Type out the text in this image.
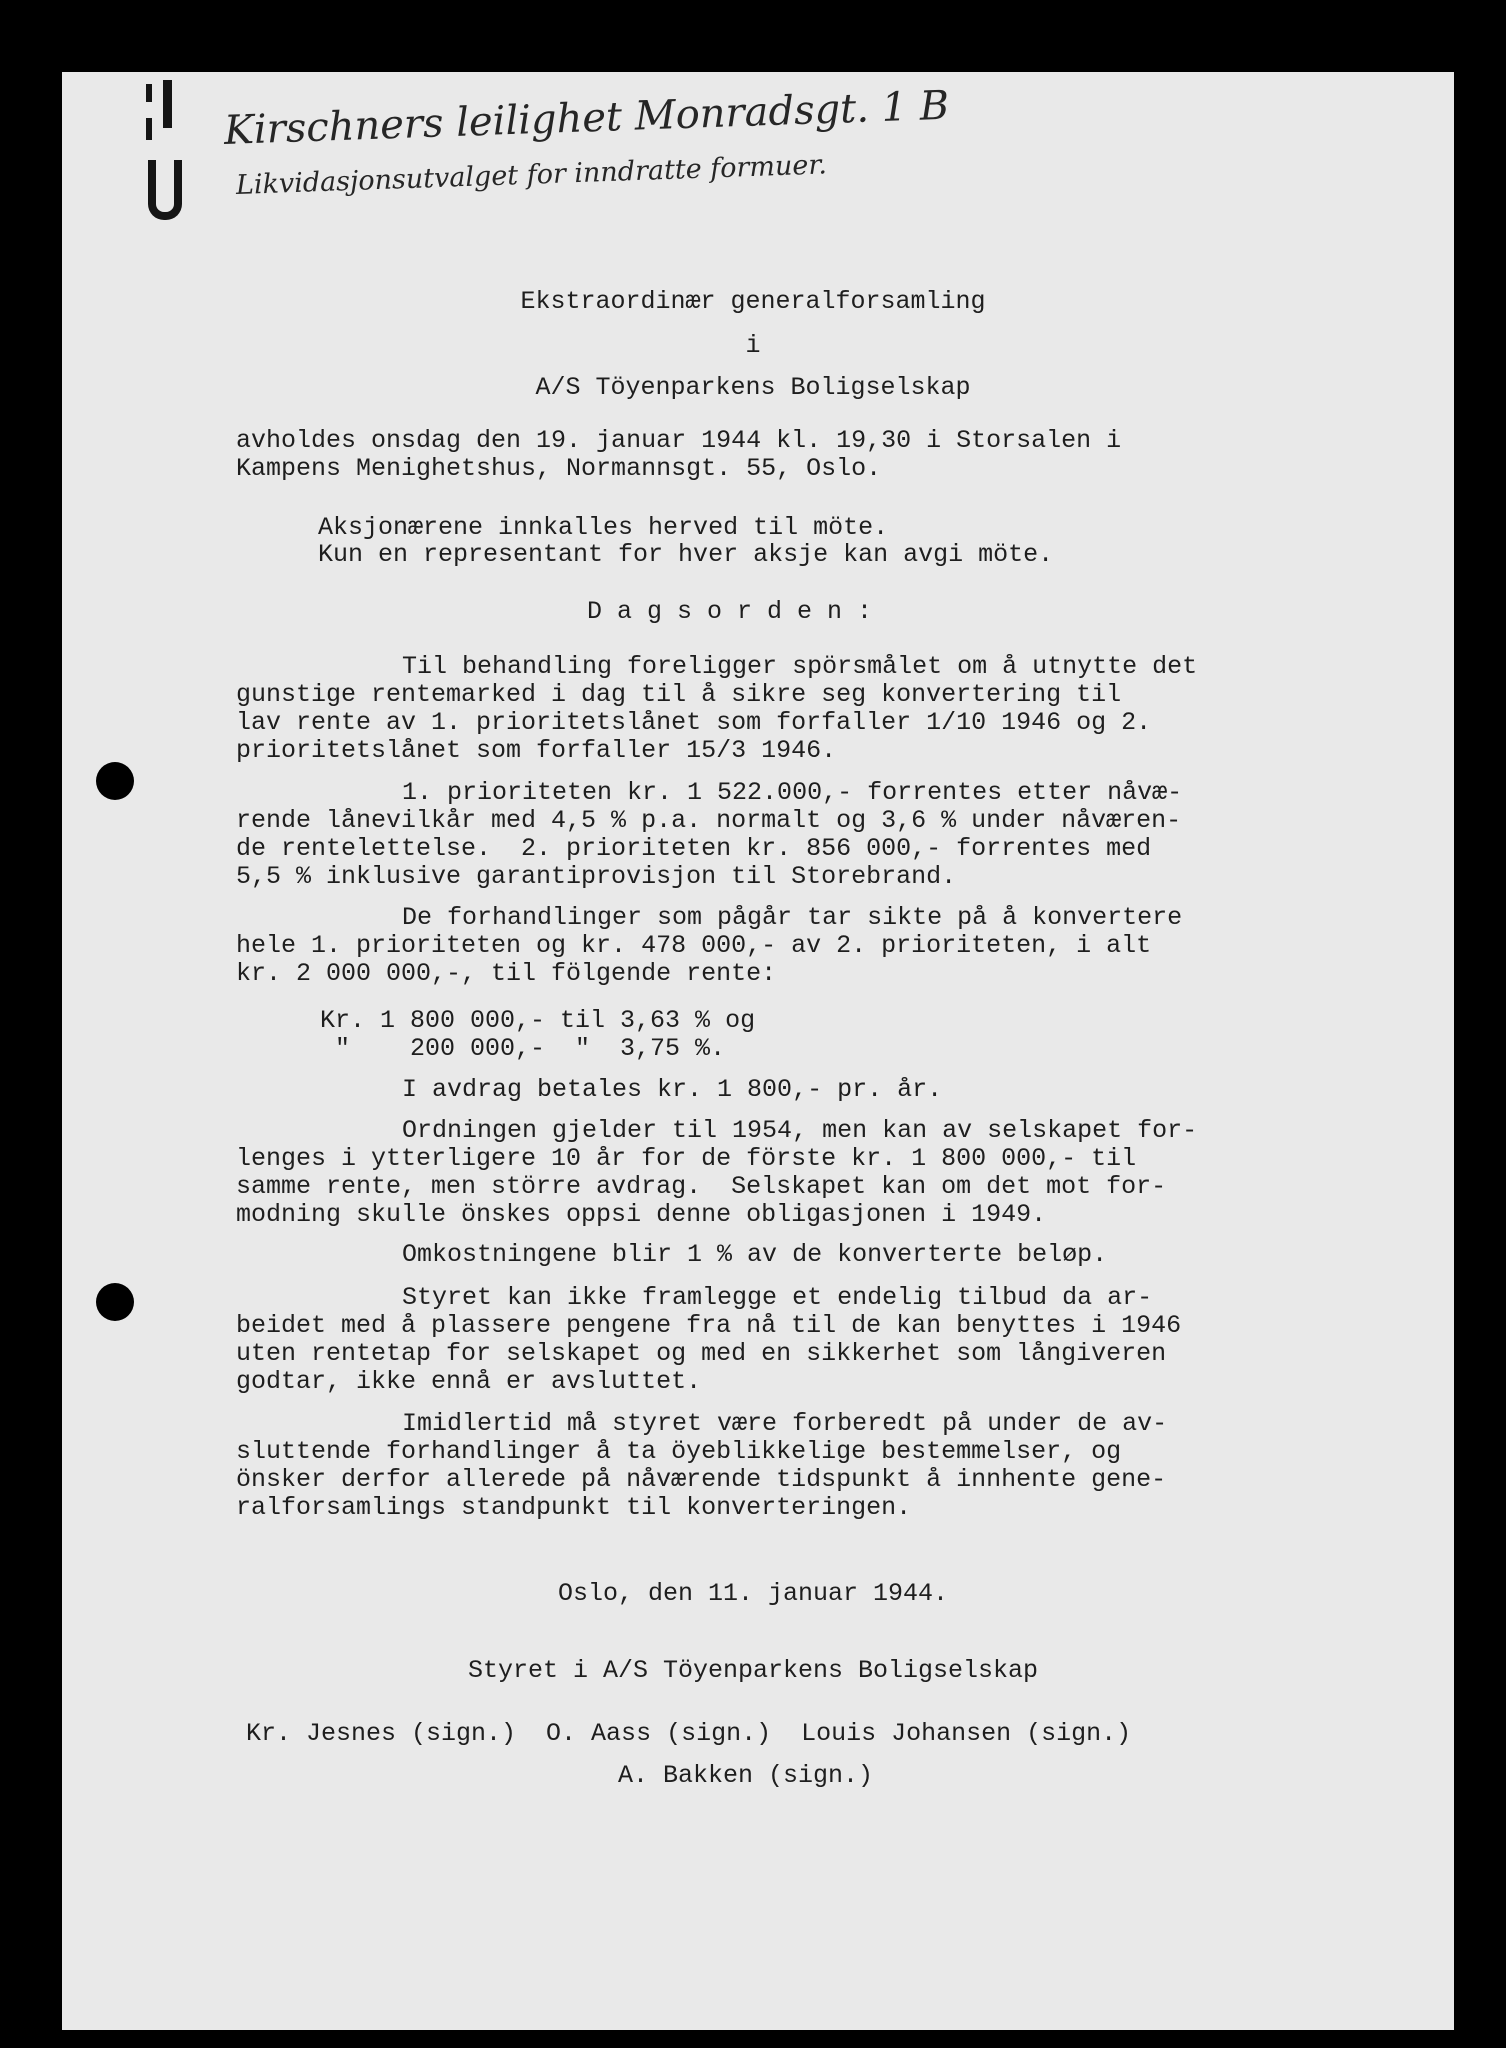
Kirschners leilighet Monradsgt. 1 B
Likvidasjonsutvalget for inndratte formuer.
Ekstraordinær generalforsamling
i
A/S Töyenparkens Boligselskap
avholdes onsdag den 19. januar 1944 kl. 19,30 i Storsalen i
Kampens Menighetshus, Normannsgt. 55, Oslo.
Aksjonærene innkalles herved til möte.
Kun en representant for hver aksje kan avgi möte.
D a g s o r d e n :
Til behandling foreligger spörsmålet om å utnytte det
gunstige rentemarked i dag til å sikre seg konvertering til
lav rente av 1. prioritetslånet som forfaller 1/10 1946 og 2.
prioritetslånet som forfaller 15/3 1946.
1. prioriteten kr. 1 522.000,- forrentes etter nåvæ-
rende lånevilkår med 4,5 % p.a. normalt og 3,6 % under nåværen-
de rentelettelse.  2. prioriteten kr. 856 000,- forrentes med
5,5 % inklusive garantiprovisjon til Storebrand.
De forhandlinger som pågår tar sikte på å konvertere
hele 1. prioriteten og kr. 478 000,- av 2. prioriteten, i alt
kr. 2 000 000,-, til fölgende rente:
Kr. 1 800 000,- til 3,63 % og
"    200 000,-  "  3,75 %.
I avdrag betales kr. 1 800,- pr. år.
Ordningen gjelder til 1954, men kan av selskapet for-
lenges i ytterligere 10 år for de förste kr. 1 800 000,- til
samme rente, men större avdrag.  Selskapet kan om det mot for-
modning skulle önskes oppsi denne obligasjonen i 1949.
Omkostningene blir 1 % av de konverterte beløp.
Styret kan ikke framlegge et endelig tilbud da ar-
beidet med å plassere pengene fra nå til de kan benyttes i 1946
uten rentetap for selskapet og med en sikkerhet som långiveren
godtar, ikke ennå er avsluttet.
Imidlertid må styret være forberedt på under de av-
sluttende forhandlinger å ta öyeblikkelige bestemmelser, og
önsker derfor allerede på nåværende tidspunkt å innhente gene-
ralforsamlings standpunkt til konverteringen.
Oslo, den 11. januar 1944.
Styret i A/S Töyenparkens Boligselskap
Kr. Jesnes (sign.)  O. Aass (sign.)  Louis Johansen (sign.)
A. Bakken (sign.)
